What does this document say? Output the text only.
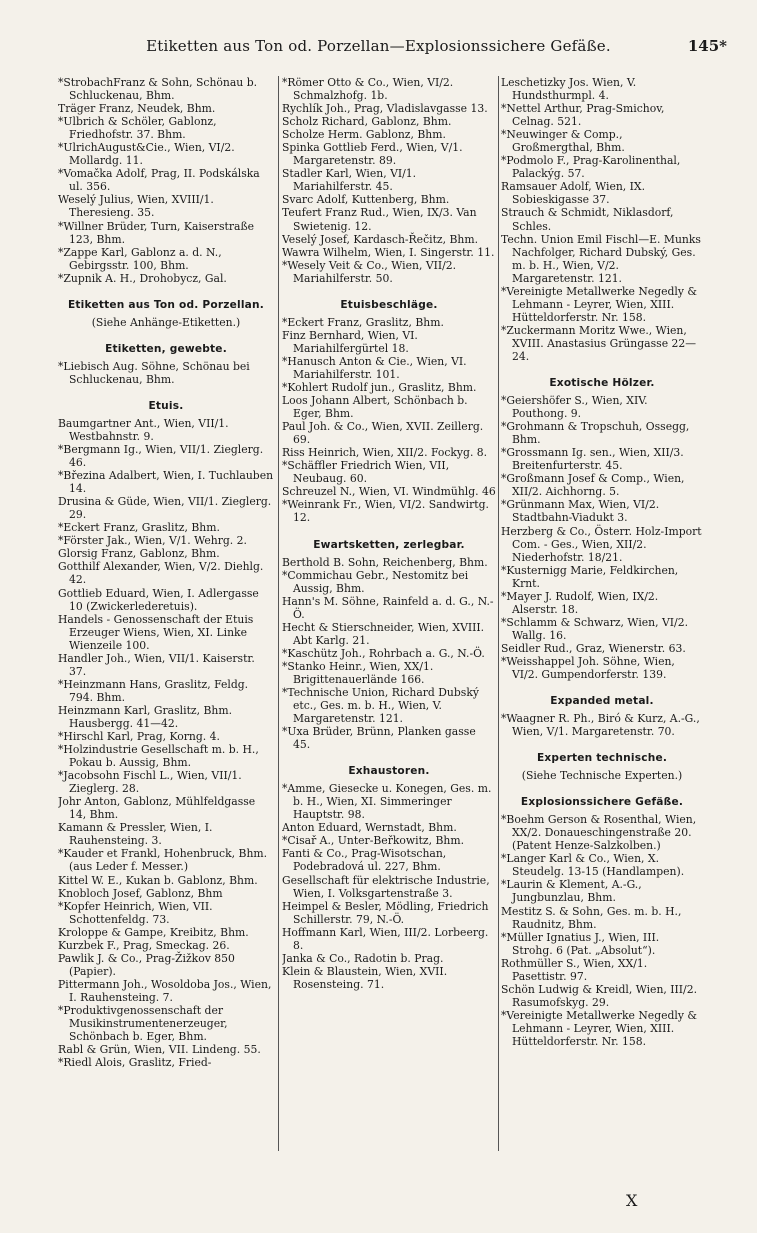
Etiketten aus Ton od. Porzellan—Explosionssichere Gefäße.	145*
*StrobachFranz & Sohn, Schönau b. Schluckenau, Bhm.
Träger Franz, Neudek, Bhm.
*Ulbrich & Schöler, Gablonz, Friedhofstr. 37. Bhm.
*UlrichAugust&Cie., Wien, VI/2. Mollardg. 11.
*Vomačka Adolf, Prag, II. Podskálska ul. 356.
Weselý Julius, Wien, XVIII/1. Theresieng. 35.
*Willner Brüder, Turn, Kaiserstraße 123, Bhm.
*Zappe Karl, Gablonz a. d. N., Gebirgsstr. 100, Bhm.
*Zupnik A. H., Drohobycz, Gal.
Etiketten aus Ton od. Porzellan.
(Siehe Anhänge-Etiketten.)
Etiketten, gewebte.
*Liebisch Aug. Söhne, Schönau bei Schluckenau, Bhm.
Etuis.
Baumgartner Ant., Wien, VII/1. Westbahnstr. 9.
*Bergmann Ig., Wien, VII/1. Zieglerg. 46.
*Březina Adalbert, Wien, I. Tuchlauben 14.
Drusina & Güde, Wien, VII/1. Zieglerg. 29.
*Eckert Franz, Graslitz, Bhm.
*Förster Jak., Wien, V/1. Wehrg. 2.
Glorsig Franz, Gablonz, Bhm.
Gotthilf Alexander, Wien, V/2. Diehlg. 42.
Gottlieb Eduard, Wien, I. Adlergasse 10 (Zwickerlederetuis).
Handels - Genossenschaft der Etuis Erzeuger Wiens, Wien, XI. Linke Wienzeile 100.
Handler Joh., Wien, VII/1. Kaiserstr. 37.
*Heinzmann Hans, Graslitz, Feldg. 794. Bhm.
Heinzmann Karl, Graslitz, Bhm. Hausbergg. 41—42.
*Hirschl Karl, Prag, Korng. 4.
*Holzindustrie Gesellschaft m. b. H., Pokau b. Aussig, Bhm.
*Jacobsohn Fischl L., Wien, VII/1. Zieglerg. 28.
Johr Anton, Gablonz, Mühlfeldgasse 14, Bhm.
Kamann & Pressler, Wien, I. Rauhensteing. 3.
*Kauder et Frankl, Hohenbruck, Bhm. (aus Leder f. Messer.)
Kittel W. E., Kukan b. Gablonz, Bhm.
Knobloch Josef, Gablonz, Bhm
*Kopfer Heinrich, Wien, VII. Schottenfeldg. 73.
Kroloppe & Gampe, Kreibitz, Bhm.
Kurzbek F., Prag, Smeckag. 26.
Pawlik J. & Co., Prag-Žižkov 850 (Papier).
Pittermann Joh., Wosoldoba Jos., Wien, I. Rauhensteing. 7.
*Produktivgenossenschaft der Musikinstrumentenerzeuger, Schönbach b. Eger, Bhm.
Rabl & Grün, Wien, VII. Lindeng. 55.
*Riedl Alois, Graslitz, Fried-
*Römer Otto & Co., Wien, VI/2. Schmalzhofg. 1b.
Rychlík Joh., Prag, Vladislavgasse 13.
Scholz Richard, Gablonz, Bhm.
Scholze Herm. Gablonz, Bhm.
Spinka Gottlieb Ferd., Wien, V/1. Margaretenstr. 89.
Stadler Karl, Wien, VI/1. Mariahilferstr. 45.
Svarc Adolf, Kuttenberg, Bhm.
Teufert Franz Rud., Wien, IX/3. Van Swietenig. 12.
Veselý Josef, Kardasch-Řečitz, Bhm.
Wawra Wilhelm, Wien, I. Singerstr. 11.
*Wesely Veit & Co., Wien, VII/2. Mariahilferstr. 50.
Etuisbeschläge.
*Eckert Franz, Graslitz, Bhm.
Finz Bernhard, Wien, VI. Mariahilfergürtel 18.
*Hanusch Anton & Cie., Wien, VI. Mariahilferstr. 101.
*Kohlert Rudolf jun., Graslitz, Bhm.
Loos Johann Albert, Schönbach b. Eger, Bhm.
Paul Joh. & Co., Wien, XVII. Zeillerg. 69.
Riss Heinrich, Wien, XII/2. Fockyg. 8.
*Schäffler Friedrich Wien, VII, Neubaug. 60.
Schreuzel N., Wien, VI. Windmühlg. 46
*Weinrank Fr., Wien, VI/2. Sandwirtg. 12.
Ewartsketten, zerlegbar.
Berthold B. Sohn, Reichenberg, Bhm.
*Commichau Gebr., Nestomitz bei Aussig, Bhm.
Hann's M. Söhne, Rainfeld a. d. G., N.-Ö.
Hecht & Stierschneider, Wien, XVIII. Abt Karlg. 21.
*Kaschütz Joh., Rohrbach a. G., N.-Ö.
*Stanko Heinr., Wien, XX/1. Brigittenauerlände 166.
*Technische Union, Richard Dubský etc., Ges. m. b. H., Wien, V. Margaretenstr. 121.
*Uxa Brüder, Brünn, Planken gasse 45.
Exhaustoren.
*Amme, Giesecke u. Konegen, Ges. m. b. H., Wien, XI. Simmeringer Hauptstr. 98.
Anton Eduard, Wernstadt, Bhm.
*Cisař A., Unter-Beřkowitz, Bhm.
Fanti & Co., Prag-Wisotschan, Podebradová ul. 227, Bhm.
Gesellschaft für elektrische Industrie, Wien, I. Volksgartenstraße 3.
Heimpel & Besler, Mödling, Friedrich Schillerstr. 79, N.-Ö.
Hoffmann Karl, Wien, III/2. Lorbeerg. 8.
Janka & Co., Radotin b. Prag.
Klein & Blaustein, Wien, XVII. Rosensteing. 71.
Leschetizky Jos. Wien, V. Hundsthurmpl. 4.
*Nettel Arthur, Prag-Smichov, Celnag. 521.
*Neuwinger & Comp., Großmergthal, Bhm.
*Podmolo F., Prag-Karolinenthal, Palackýg. 57.
Ramsauer Adolf, Wien, IX. Sobieskigasse 37.
Strauch & Schmidt, Niklasdorf, Schles.
Techn. Union Emil Fischl—E. Munks Nachfolger, Richard Dubský, Ges. m. b. H., Wien, V/2. Margaretenstr. 121.
*Vereinigte Metallwerke Negedly & Lehmann - Leyrer, Wien, XIII. Hütteldorferstr. Nr. 158.
*Zuckermann Moritz Wwe., Wien, XVIII. Anastasius Grüngasse 22—24.
Exotische Hölzer.
*Geiershöfer S., Wien, XIV. Pouthong. 9.
*Grohmann & Tropschuh, Ossegg, Bhm.
*Grossmann Ig. sen., Wien, XII/3. Breitenfurterstr. 45.
*Großmann Josef & Comp., Wien, XII/2. Aichhorng. 5.
*Grünmann Max, Wien, VI/2. Stadtbahn-Viadukt 3.
Herzberg & Co., Österr. Holz-Import Com. - Ges., Wien, XII/2. Niederhofstr. 18/21.
*Kusternigg Marie, Feldkirchen, Krnt.
*Mayer J. Rudolf, Wien, IX/2. Alserstr. 18.
*Schlamm & Schwarz, Wien, VI/2. Wallg. 16.
Seidler Rud., Graz, Wienerstr. 63.
*Weisshappel Joh. Söhne, Wien, VI/2. Gumpendorferstr. 139.
Expanded metal.
*Waagner R. Ph., Biró & Kurz, A.-G., Wien, V/1. Margaretenstr. 70.
Experten technische.
(Siehe Technische Experten.)
Explosionssichere Gefäße.
*Boehm Gerson & Rosenthal, Wien, XX/2. Donaueschingenstraße 20. (Patent Henze-Salzkolben.)
*Langer Karl & Co., Wien, X. Steudelg. 13-15 (Handlampen).
*Laurin & Klement, A.-G., Jungbunzlau, Bhm.
Mestitz S. & Sohn, Ges. m. b. H., Raudnitz, Bhm.
*Müller Ignatius J., Wien, III. Strohg. 6 (Pat. „Absolut“).
Rothmüller S., Wien, XX/1. Pasettistr. 97.
Schön Ludwig & Kreidl, Wien, III/2. Rasumofskyg. 29.
*Vereinigte Metallwerke Negedly & Lehmann - Leyrer, Wien, XIII. Hütteldorferstr. Nr. 158.
X
